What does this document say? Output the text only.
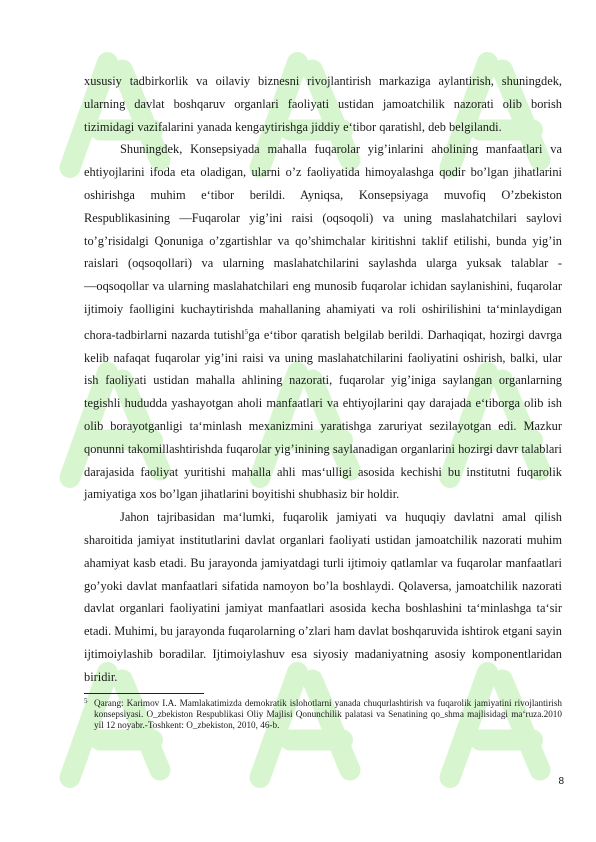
xususiy tadbirkorlik va oilaviy biznesni rivojlantirish markaziga aylantirish, shuningdek, ularning davlat boshqaruv organlari faoliyati ustidan jamoatchilik nazorati olib borish tizimidagi vazifalarini yanada kengaytirishga jiddiy e‘tibor qaratishl, deb belgilandi.

Shuningdek, Konsepsiyada mahalla fuqarolar yig’inlarini aholining manfaatlari va ehtiyojlarini ifoda eta oladigan, ularni o’z faoliyatida himoyalashga qodir bo’lgan jihatlarini oshirishga muhim e‘tibor berildi. Ayniqsa, Konsepsiyaga muvofiq O’zbekiston Respublikasining ―Fuqarolar yig’ini raisi (oqsoqoli) va uning maslahatchilari saylovi to’g’risidalgi Qonuniga o’zgartishlar va qo’shimchalar kiritishni taklif etilishi, bunda yig’in raislari (oqsoqollari) va ularning maslahatchilarini saylashda ularga yuksak talablar - ―oqsoqollar va ularning maslahatchilari eng munosib fuqarolar ichidan saylanishini, fuqarolar ijtimoiy faolligini kuchaytirishda mahallaning ahamiyati va roli oshirilishini ta‘minlaydigan chora-tadbirlarni nazarda tutishl$^5$ga e‘tibor qaratish belgilab berildi. Darhaqiqat, hozirgi davrga kelib nafaqat fuqarolar yig’ini raisi va uning maslahatchilarini faoliyatini oshirish, balki, ular ish faoliyati ustidan mahalla ahlining nazorati, fuqarolar yig’iniga saylangan organlarning tegishli hududda yashayotgan aholi manfaatlari va ehtiyojlarini qay darajada e‘tiborga olib ish olib borayotganligi ta‘minlash mexanizmini yaratishga zaruriyat sezilayotgan edi. Mazkur qonunni takomillashtirishda fuqarolar yig’inining saylanadigan organlarini hozirgi davr talablari darajasida faoliyat yuritishi mahalla ahli mas‘ulligi asosida kechishi bu institutni fuqarolik jamiyatiga xos bo’lgan jihatlarini boyitishi shubhasiz bir holdir.

Jahon tajribasidan ma‘lumki, fuqarolik jamiyati va huquqiy davlatni amal qilish sharoitida jamiyat institutlarini davlat organlari faoliyati ustidan jamoatchilik nazorati muhim ahamiyat kasb etadi. Bu jarayonda jamiyatdagi turli ijtimoiy qatlamlar va fuqarolar manfaatlari go’yoki davlat manfaatlari sifatida namoyon bo’la boshlaydi. Qolaversa, jamoatchilik nazorati davlat organlari faoliyatini jamiyat manfaatlari asosida kecha boshlashini ta‘minlashga ta‘sir etadi. Muhimi, bu jarayonda fuqarolarning o’zlari ham davlat boshqaruvida ishtirok etgani sayin ijtimoiylashib boradilar. Ijtimoiylashuv esa siyosiy madaniyatning asosiy komponentlaridan biridir.

5 Qarang: Karimov I.A. Mamlakatimizda demokratik islohotlarni yanada chuqurlashtirish va fuqarolik jamiyatini rivojlantirish konsepsiyasi. O_zbekiston Respublikasi Oliy Majlisi Qonunchilik palatasi va Senatining qo_shma majlisidagi ma‘ruza.2010 yil 12 noyabr.-Toshkent: O_zbekiston, 2010, 46-b.
8
